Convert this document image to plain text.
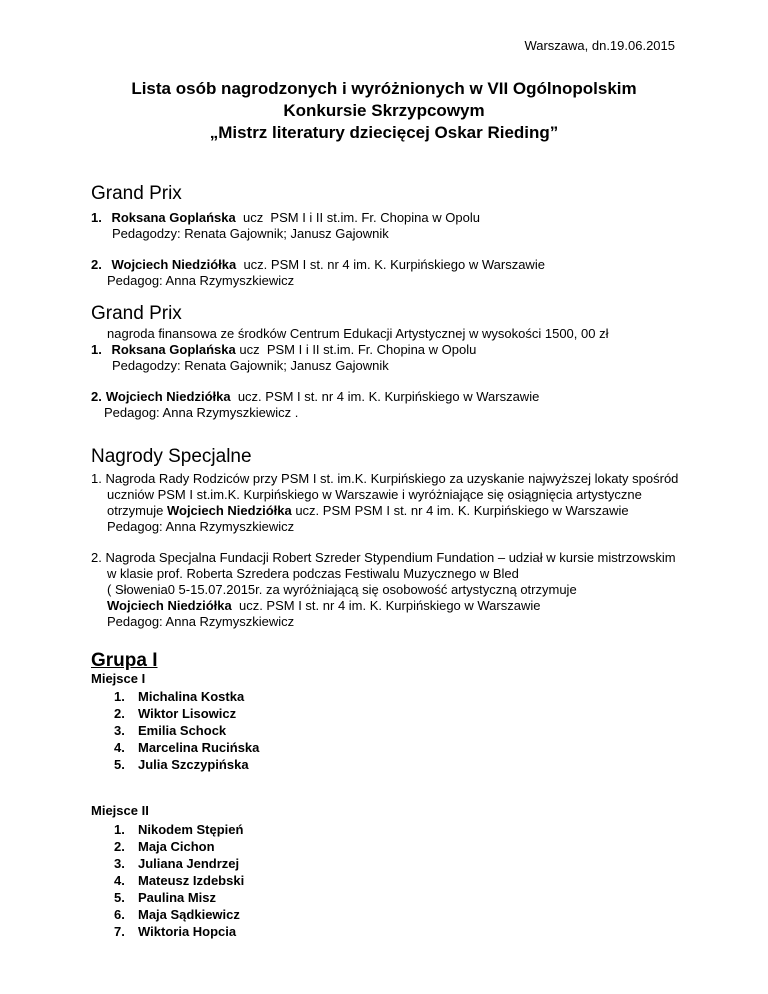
Warszawa, dn.19.06.2015
Lista osób nagrodzonych i wyróżnionych w VII Ogólnopolskim
Konkursie Skrzypcowym
„Mistrz literatury dziecięcej Oskar Rieding”
Grand Prix
1. Roksana Goplańska  ucz  PSM I i II st.im. Fr. Chopina w Opolu
Pedagodzy: Renata Gajownik; Janusz Gajownik
2. Wojciech Niedziółka  ucz. PSM I st. nr 4 im. K. Kurpińskiego w Warszawie
Pedagog: Anna Rzymyszkiewicz
Grand Prix
nagroda finansowa ze środków Centrum Edukacji Artystycznej w wysokości 1500, 00 zł
1. Roksana Goplańska ucz  PSM I i II st.im. Fr. Chopina w Opolu
Pedagodzy: Renata Gajownik; Janusz Gajownik
2. Wojciech Niedziółka  ucz. PSM I st. nr 4 im. K. Kurpińskiego w Warszawie
Pedagog: Anna Rzymyszkiewicz .
Nagrody Specjalne
1. Nagroda Rady Rodziców przy PSM I st. im.K. Kurpińskiego za uzyskanie najwyższej lokaty spośród
uczniów PSM I st.im.K. Kurpińskiego w Warszawie i wyróżniające się osiągnięcia artystyczne
otrzymuje Wojciech Niedziółka ucz. PSM PSM I st. nr 4 im. K. Kurpińskiego w Warszawie
Pedagog: Anna Rzymyszkiewicz
2. Nagroda Specjalna Fundacji Robert Szreder Stypendium Fundation – udział w kursie mistrzowskim
w klasie prof. Roberta Szredera podczas Festiwalu Muzycznego w Bled
( Słowenia0 5-15.07.2015r. za wyróżniającą się osobowość artystyczną otrzymuje
Wojciech Niedziółka  ucz. PSM I st. nr 4 im. K. Kurpińskiego w Warszawie
Pedagog: Anna Rzymyszkiewicz
Grupa I
Miejsce I
1.	Michalina Kostka
2.	Wiktor Lisowicz
3.	Emilia Schock
4.	Marcelina Rucińska
5.	Julia Szczypińska
Miejsce II
1.	Nikodem Stępień
2.	Maja Cichon
3.	Juliana Jendrzej
4.	Mateusz Izdebski
5.	Paulina Misz
6.	Maja Sądkiewicz
7.	Wiktoria Hopcia
